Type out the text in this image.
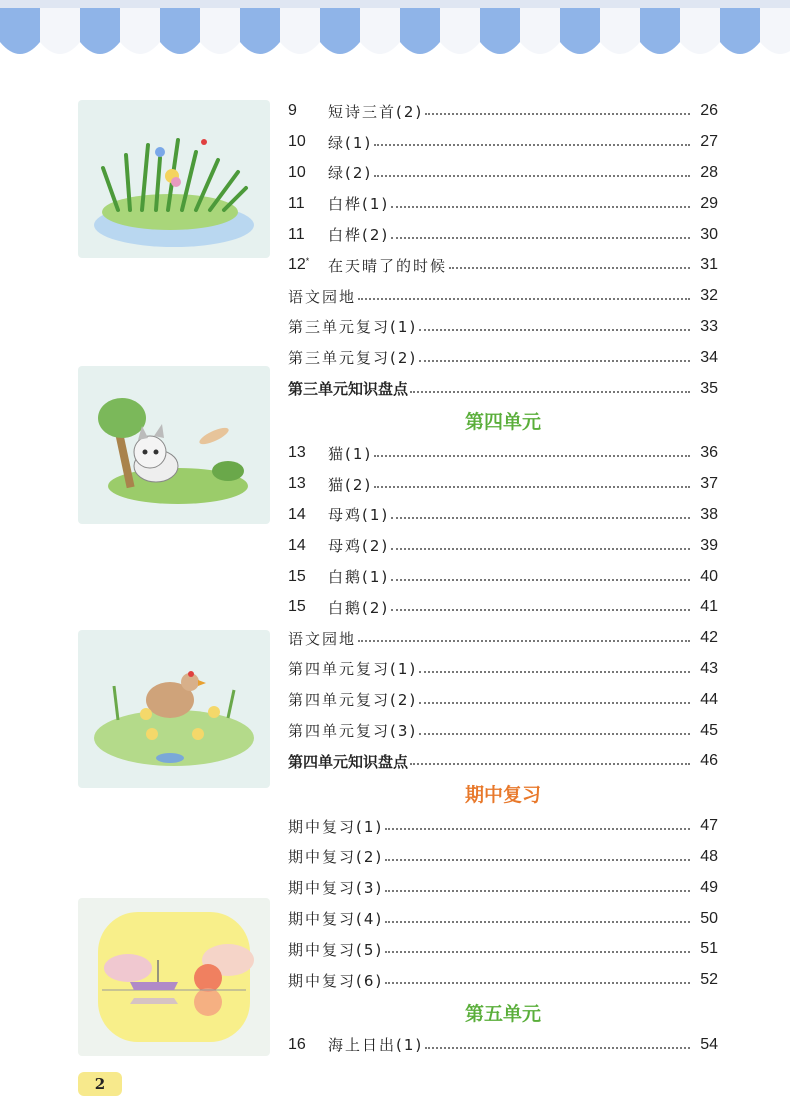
9	短诗三首(2)	26
10	绿(1)	27
10	绿(2)	28
11	白桦(1)	29
11	白桦(2)	30
12*	在天晴了的时候	31
语文园地	32
第三单元复习(1)	33
第三单元复习(2)	34
第三单元知识盘点	35
第四单元
13	猫(1)	36
13	猫(2)	37
14	母鸡(1)	38
14	母鸡(2)	39
15	白鹅(1)	40
15	白鹅(2)	41
语文园地	42
第四单元复习(1)	43
第四单元复习(2)	44
第四单元复习(3)	45
第四单元知识盘点	46
期中复习
期中复习(1)	47
期中复习(2)	48
期中复习(3)	49
期中复习(4)	50
期中复习(5)	51
期中复习(6)	52
第五单元
16	海上日出(1)	54
2
